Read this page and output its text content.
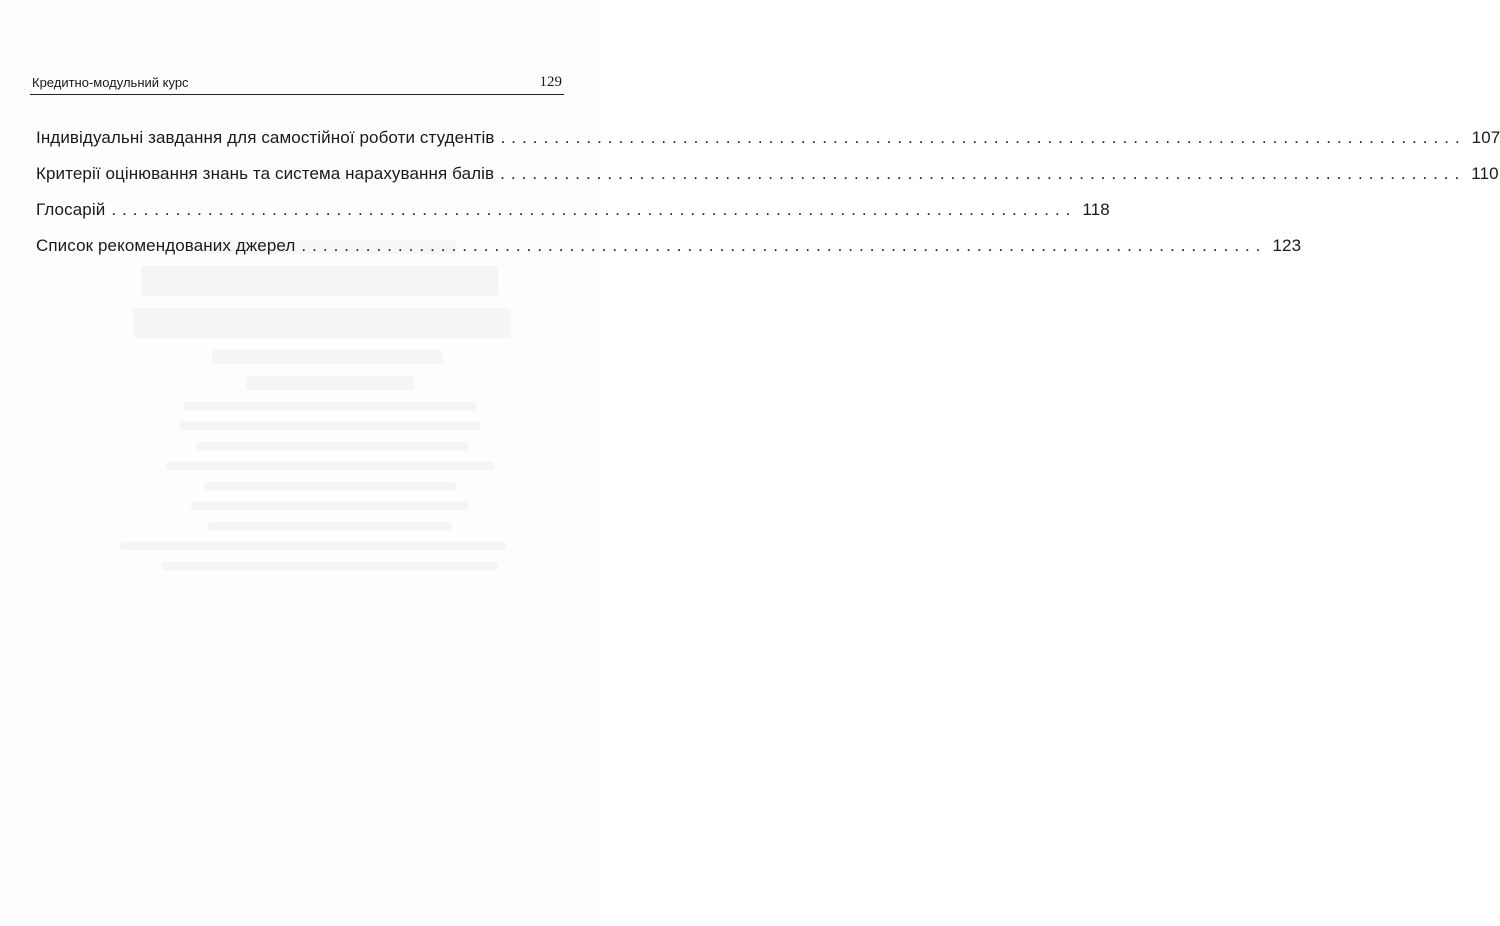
Кредитно-модульний курс	129
Індивідуальні завдання для самостійної роботи студентів .......................................................................................... 107
Критерії оцінювання знань та система нарахування балів .......................................................................................... 110
Глосарій .......................................................................................... 118
Список рекомендованих джерел .......................................................................................... 123
